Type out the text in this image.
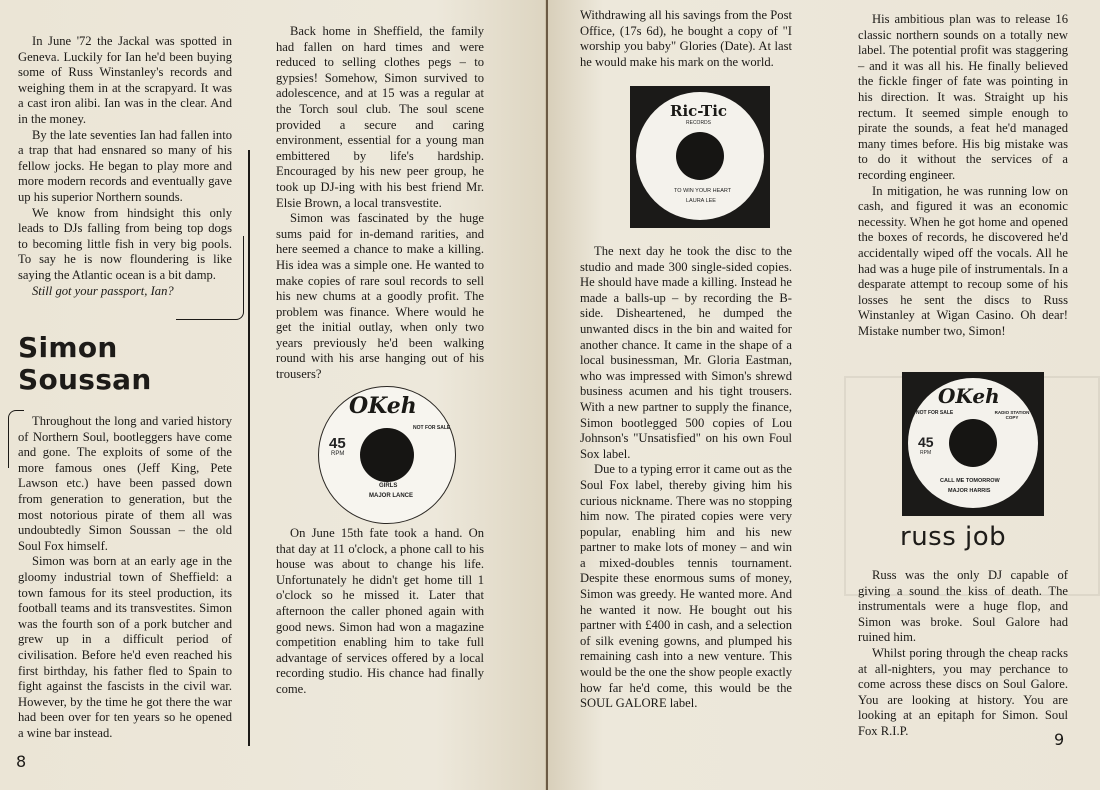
In June '72 the Jackal was spotted in Geneva. Luckily for Ian he'd been buying some of Russ Winstanley's records and weighing them in at the scrapyard. It was a cast iron alibi. Ian was in the clear. And in the money.

By the late seventies Ian had fallen into a trap that had ensnared so many of his fellow jocks. He began to play more and more modern records and eventually gave up his superior Northern sounds.

We know from hindsight this only leads to DJs falling from being top dogs to becoming little fish in very big pools. To say he is now floundering is like saying the Atlantic ocean is a bit damp.

Still got your passport, Ian?

Simon
Soussan

Throughout the long and varied history of Northern Soul, bootleggers have come and gone. The exploits of some of the more famous ones (Jeff King, Pete Lawson etc.) have been passed down from generation to generation, but the most notorious pirate of them all was undoubtedly Simon Soussan – the old Soul Fox himself.

Simon was born at an early age in the gloomy industrial town of Sheffield: a town famous for its steel production, its football teams and its transvestites. Simon was the fourth son of a pork butcher and grew up in a difficult period of civilisation. Before he'd even reached his first birthday, his father fled to Spain to fight against the fascists in the civil war. However, by the time he got there the war had been over for ten years so he opened a wine bar instead.

Back home in Sheffield, the family had fallen on hard times and were reduced to selling clothes pegs – to gypsies! Somehow, Simon survived to adolescence, and at 15 was a regular at the Torch soul club. The soul scene provided a secure and caring environment, essential for a young man embittered by life's hardship. Encouraged by his new peer group, he took up DJ-ing with his best friend Mr. Elsie Brown, a local transvestite.

Simon was fascinated by the huge sums paid for in-demand rarities, and here seemed a chance to make a killing. His idea was a simple one. He wanted to make copies of rare soul records to sell his new chums at a goodly profit. The problem was finance. Where would he get the initial outlay, when only two years previously he'd been walking round with his arse hanging out of his trousers?

OKeh
45
RPM
NOT FOR SALE
GIRLS
MAJOR LANCE

On June 15th fate took a hand. On that day at 11 o'clock, a phone call to his house was about to change his life. Unfortunately he didn't get home till 1 o'clock so he missed it. Later that afternoon the caller phoned again with good news. Simon had won a magazine competition enabling him to take full advantage of services offered by a local recording studio. His chance had finally come.

8

Withdrawing all his savings from the Post Office, (17s 6d), he bought a copy of "I worship you baby" Glories (Date). At last he would make his mark on the world.

Ric-Tic
RECORDS
TO WIN YOUR HEART
LAURA LEE

The next day he took the disc to the studio and made 300 single-sided copies. He should have made a killing. Instead he made a balls-up – by recording the B-side. Disheartened, he dumped the unwanted discs in the bin and waited for another chance. It came in the shape of a local businessman, Mr. Gloria Eastman, who was impressed with Simon's shrewd business acumen and his tight trousers. With a new partner to supply the finance, Simon bootlegged 500 copies of Lou Johnson's "Unsatisfied" on his own Foul Sox label.

Due to a typing error it came out as the Soul Fox label, thereby giving him his curious nickname. There was no stopping him now. The pirated copies were very popular, enabling him and his new partner to make lots of money – and win a mixed-doubles tennis tournament. Despite these enormous sums of money, Simon was greedy. He wanted more. And he wanted it now. He bought out his partner with £400 in cash, and a selection of silk evening gowns, and plumped his remaining cash into a new venture. This would be the one the show people exactly how far he'd come, this would be the SOUL GALORE label.

His ambitious plan was to release 16 classic northern sounds on a totally new label. The potential profit was staggering – and it was all his. He finally believed the fickle finger of fate was pointing in his direction. It was. Straight up his rectum. It seemed simple enough to pirate the sounds, a feat he'd managed many times before. His big mistake was to do it without the services of a recording engineer.

In mitigation, he was running low on cash, and figured it was an economic necessity. When he got home and opened the boxes of records, he discovered he'd accidentally wiped off the vocals. All he had was a huge pile of instrumentals. In a desparate attempt to recoup some of his losses he sent the discs to Russ Winstanley at Wigan Casino. Oh dear! Mistake number two, Simon!

OKeh
NOT FOR SALE	RADIO STATION COPY
45
RPM
CALL ME TOMORROW
MAJOR HARRIS
russ job

Russ was the only DJ capable of giving a sound the kiss of death. The instrumentals were a huge flop, and Simon was broke. Soul Galore had ruined him.

Whilst poring through the cheap racks at all-nighters, you may perchance to come across these discs on Soul Galore. You are looking at history. You are looking at an epitaph for Simon. Soul Fox R.I.P.	9
